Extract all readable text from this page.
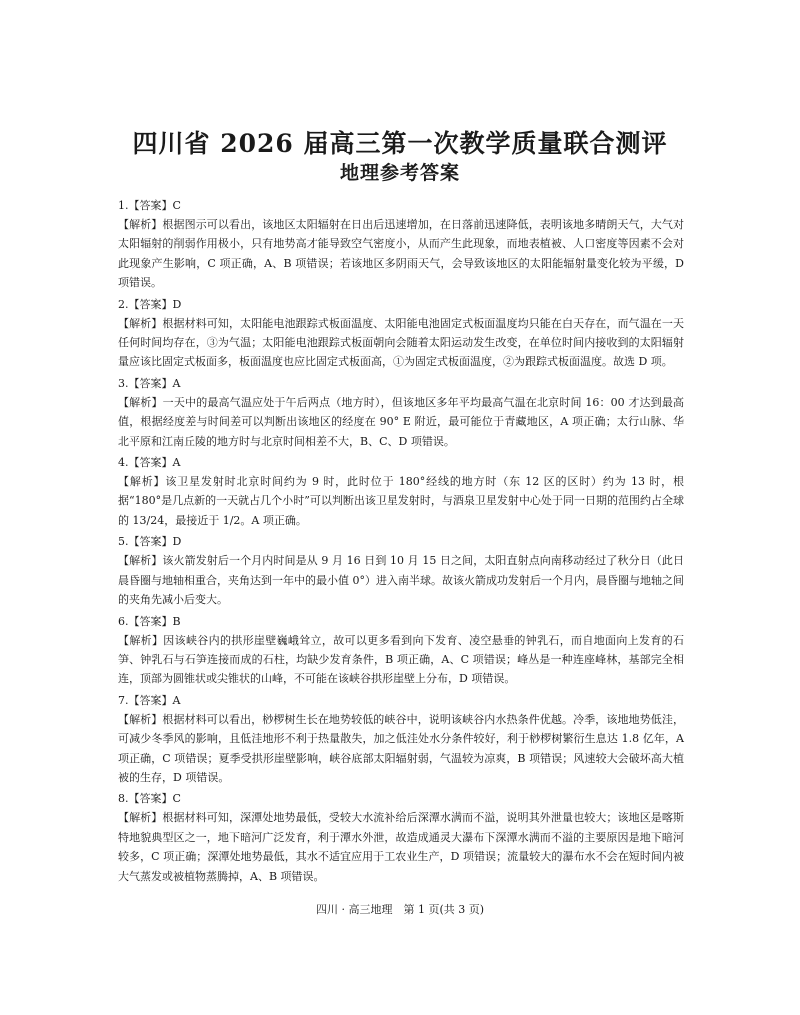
四川省 2026 届高三第一次教学质量联合测评
地理参考答案

1.【答案】C

【解析】根据图示可以看出，该地区太阳辐射在日出后迅速增加，在日落前迅速降低，表明该地多晴朗天气，大气对太阳辐射的削弱作用极小，只有地势高才能导致空气密度小，从而产生此现象，而地表植被、人口密度等因素不会对此现象产生影响，C 项正确，A、B 项错误；若该地区多阴雨天气，会导致该地区的太阳能辐射量变化较为平缓，D 项错误。

2.【答案】D

【解析】根据材料可知，太阳能电池跟踪式板面温度、太阳能电池固定式板面温度均只能在白天存在，而气温在一天任何时间均存在，③为气温；太阳能电池跟踪式板面朝向会随着太阳运动发生改变，在单位时间内接收到的太阳辐射量应该比固定式板面多，板面温度也应比固定式板面高，①为固定式板面温度，②为跟踪式板面温度。故选 D 项。

3.【答案】A

【解析】一天中的最高气温应处于午后两点（地方时），但该地区多年平均最高气温在北京时间 16：00 才达到最高值，根据经度差与时间差可以判断出该地区的经度在 90° E 附近，最可能位于青藏地区，A 项正确；太行山脉、华北平原和江南丘陵的地方时与北京时间相差不大，B、C、D 项错误。

4.【答案】A

【解析】该卫星发射时北京时间约为 9 时，此时位于 180°经线的地方时（东 12 区的区时）约为 13 时，根据“180°是几点新的一天就占几个小时”可以判断出该卫星发射时，与酒泉卫星发射中心处于同一日期的范围约占全球的 13/24，最接近于 1/2。A 项正确。

5.【答案】D

【解析】该火箭发射后一个月内时间是从 9 月 16 日到 10 月 15 日之间，太阳直射点向南移动经过了秋分日（此日晨昏圈与地轴相重合，夹角达到一年中的最小值 0°）进入南半球。故该火箭成功发射后一个月内，晨昏圈与地轴之间的夹角先减小后变大。

6.【答案】B

【解析】因该峡谷内的拱形崖壁巍峨耸立，故可以更多看到向下发育、凌空悬垂的钟乳石，而自地面向上发育的石笋、钟乳石与石笋连接而成的石柱，均缺少发育条件，B 项正确，A、C 项错误；峰丛是一种连座峰林，基部完全相连，顶部为圆锥状或尖锥状的山峰，不可能在该峡谷拱形崖壁上分布，D 项错误。

7.【答案】A

【解析】根据材料可以看出，桫椤树生长在地势较低的峡谷中，说明该峡谷内水热条件优越。冷季，该地地势低洼，可减少冬季风的影响，且低洼地形不利于热量散失，加之低洼处水分条件较好，利于桫椤树繁衍生息达 1.8 亿年，A 项正确，C 项错误；夏季受拱形崖壁影响，峡谷底部太阳辐射弱，气温较为凉爽，B 项错误；风速较大会破坏高大植被的生存，D 项错误。

8.【答案】C

【解析】根据材料可知，深潭处地势最低，受较大水流补给后深潭水满而不溢，说明其外泄量也较大；该地区是喀斯特地貌典型区之一，地下暗河广泛发育，利于潭水外泄，故造成通灵大瀑布下深潭水满而不溢的主要原因是地下暗河较多，C 项正确；深潭处地势最低，其水不适宜应用于工农业生产，D 项错误；流量较大的瀑布水不会在短时间内被大气蒸发或被植物蒸腾掉，A、B 项错误。

四川 · 高三地理　第 1 页(共 3 页)
